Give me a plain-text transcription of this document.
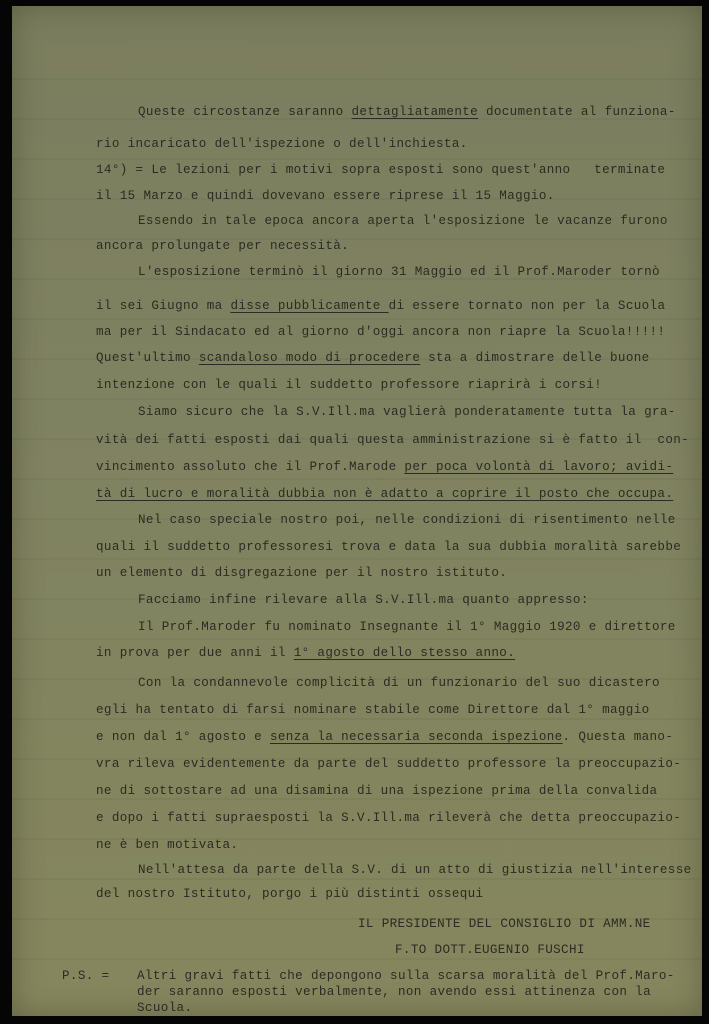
Queste circostanze saranno dettagliatamente documentate al funziona-
rio incaricato dell'ispezione o dell'inchiesta.
14°) = Le lezioni per i motivi sopra esposti sono quest'anno   terminate
il 15 Marzo e quindi dovevano essere riprese il 15 Maggio.
Essendo in tale epoca ancora aperta l'esposizione le vacanze furono
ancora prolungate per necessità.
L'esposizione terminò il giorno 31 Maggio ed il Prof.Maroder tornò
il sei Giugno ma disse pubblicamente di essere tornato non per la Scuola
ma per il Sindacato ed al giorno d'oggi ancora non riapre la Scuola!!!!!
Quest'ultimo scandaloso modo di procedere sta a dimostrare delle buone
intenzione con le quali il suddetto professore riaprirà i corsi!
Siamo sicuro che la S.V.Ill.ma vaglierà ponderatamente tutta la gra-
vità dei fatti esposti dai quali questa amministrazione si è fatto il  con-
vincimento assoluto che il Prof.Marode per poca volontà di lavoro; avidi-
tà di lucro e moralità dubbia non è adatto a coprire il posto che occupa.
Nel caso speciale nostro poi, nelle condizioni di risentimento nelle
quali il suddetto professoresi trova e data la sua dubbia moralità sarebbe
un elemento di disgregazione per il nostro istituto.
Facciamo infine rilevare alla S.V.Ill.ma quanto appresso:
Il Prof.Maroder fu nominato Insegnante il 1° Maggio 1920 e direttore
in prova per due anni il 1° agosto dello stesso anno.
Con la condannevole complicità di un funzionario del suo dicastero
egli ha tentato di farsi nominare stabile come Direttore dal 1° maggio
e non dal 1° agosto e senza la necessaria seconda ispezione. Questa mano-
vra rileva evidentemente da parte del suddetto professore la preoccupazio-
ne di sottostare ad una disamina di una ispezione prima della convalida
e dopo i fatti supraesposti la S.V.Ill.ma rileverà che detta preoccupazio-
ne è ben motivata.
Nell'attesa da parte della S.V. di un atto di giustizia nell'interesse
del nostro Istituto, porgo i più distinti ossequi
IL PRESIDENTE DEL CONSIGLIO DI AMM.NE
F.TO DOTT.EUGENIO FUSCHI
P.S. = Altri gravi fatti che depongono sulla scarsa moralità del Prof.Maro-
der saranno esposti verbalmente, non avendo essi attinenza con la
Scuola.
